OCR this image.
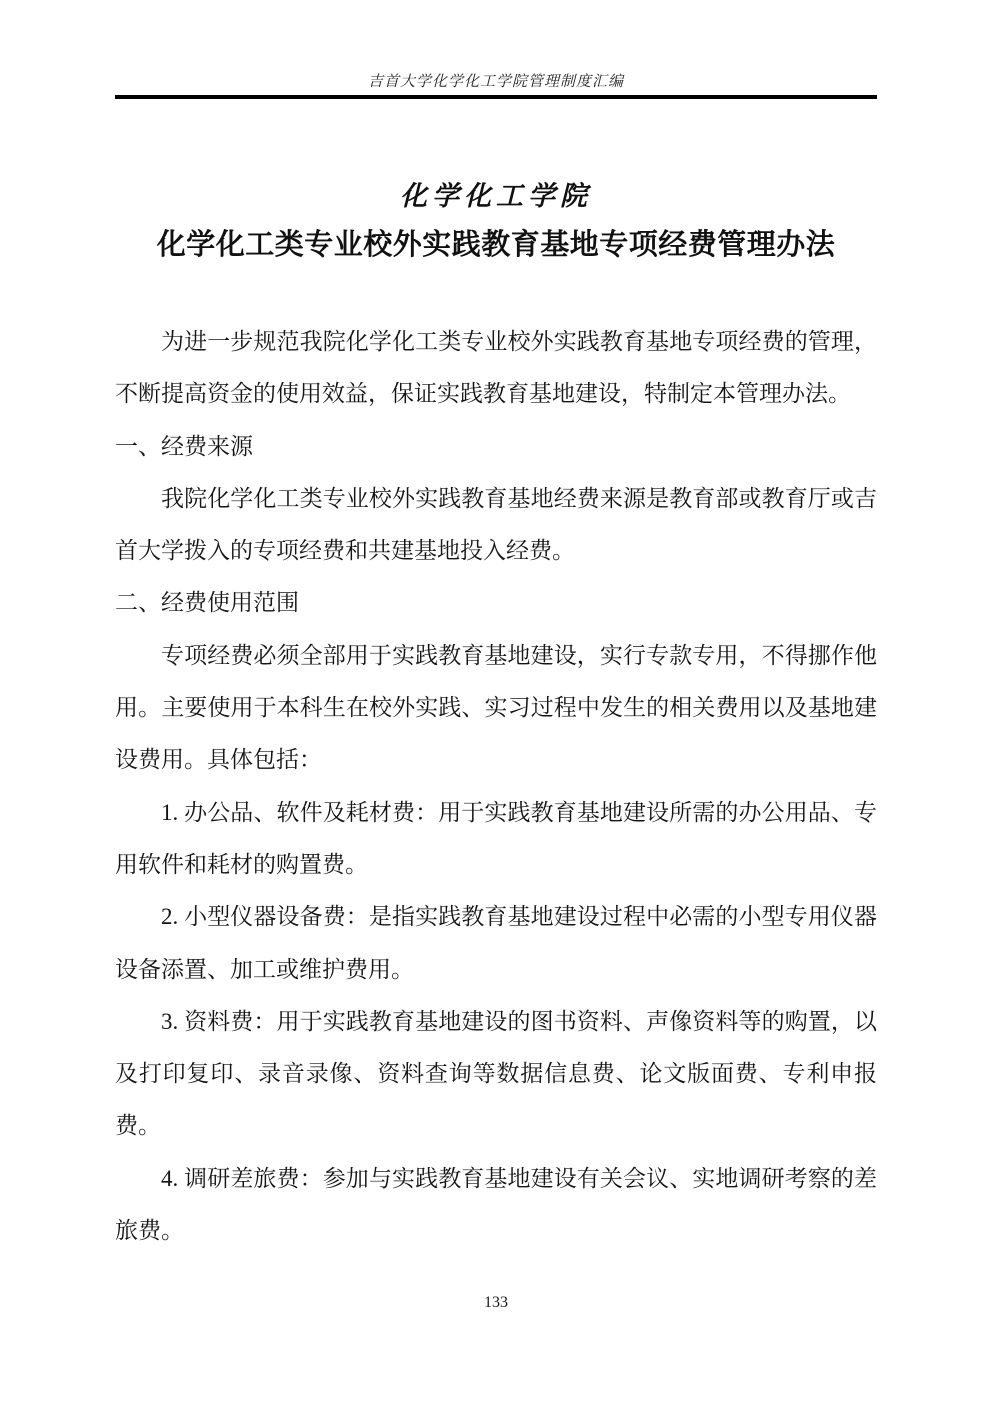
吉首大学化学化工学院管理制度汇编
化学化工学院
化学化工类专业校外实践教育基地专项经费管理办法

为进一步规范我院化学化工类专业校外实践教育基地专项经费的管理，不断提高资金的使用效益，保证实践教育基地建设，特制定本管理办法。

一、经费来源

我院化学化工类专业校外实践教育基地经费来源是教育部或教育厅或吉首大学拨入的专项经费和共建基地投入经费。

二、经费使用范围

专项经费必须全部用于实践教育基地建设，实行专款专用，不得挪作他用。主要使用于本科生在校外实践、实习过程中发生的相关费用以及基地建设费用。具体包括：

1. 办公品、软件及耗材费：用于实践教育基地建设所需的办公用品、专用软件和耗材的购置费。

2. 小型仪器设备费：是指实践教育基地建设过程中必需的小型专用仪器设备添置、加工或维护费用。

3. 资料费：用于实践教育基地建设的图书资料、声像资料等的购置，以及打印复印、录音录像、资料查询等数据信息费、论文版面费、专利申报费。

4. 调研差旅费：参加与实践教育基地建设有关会议、实地调研考察的差旅费。

133
